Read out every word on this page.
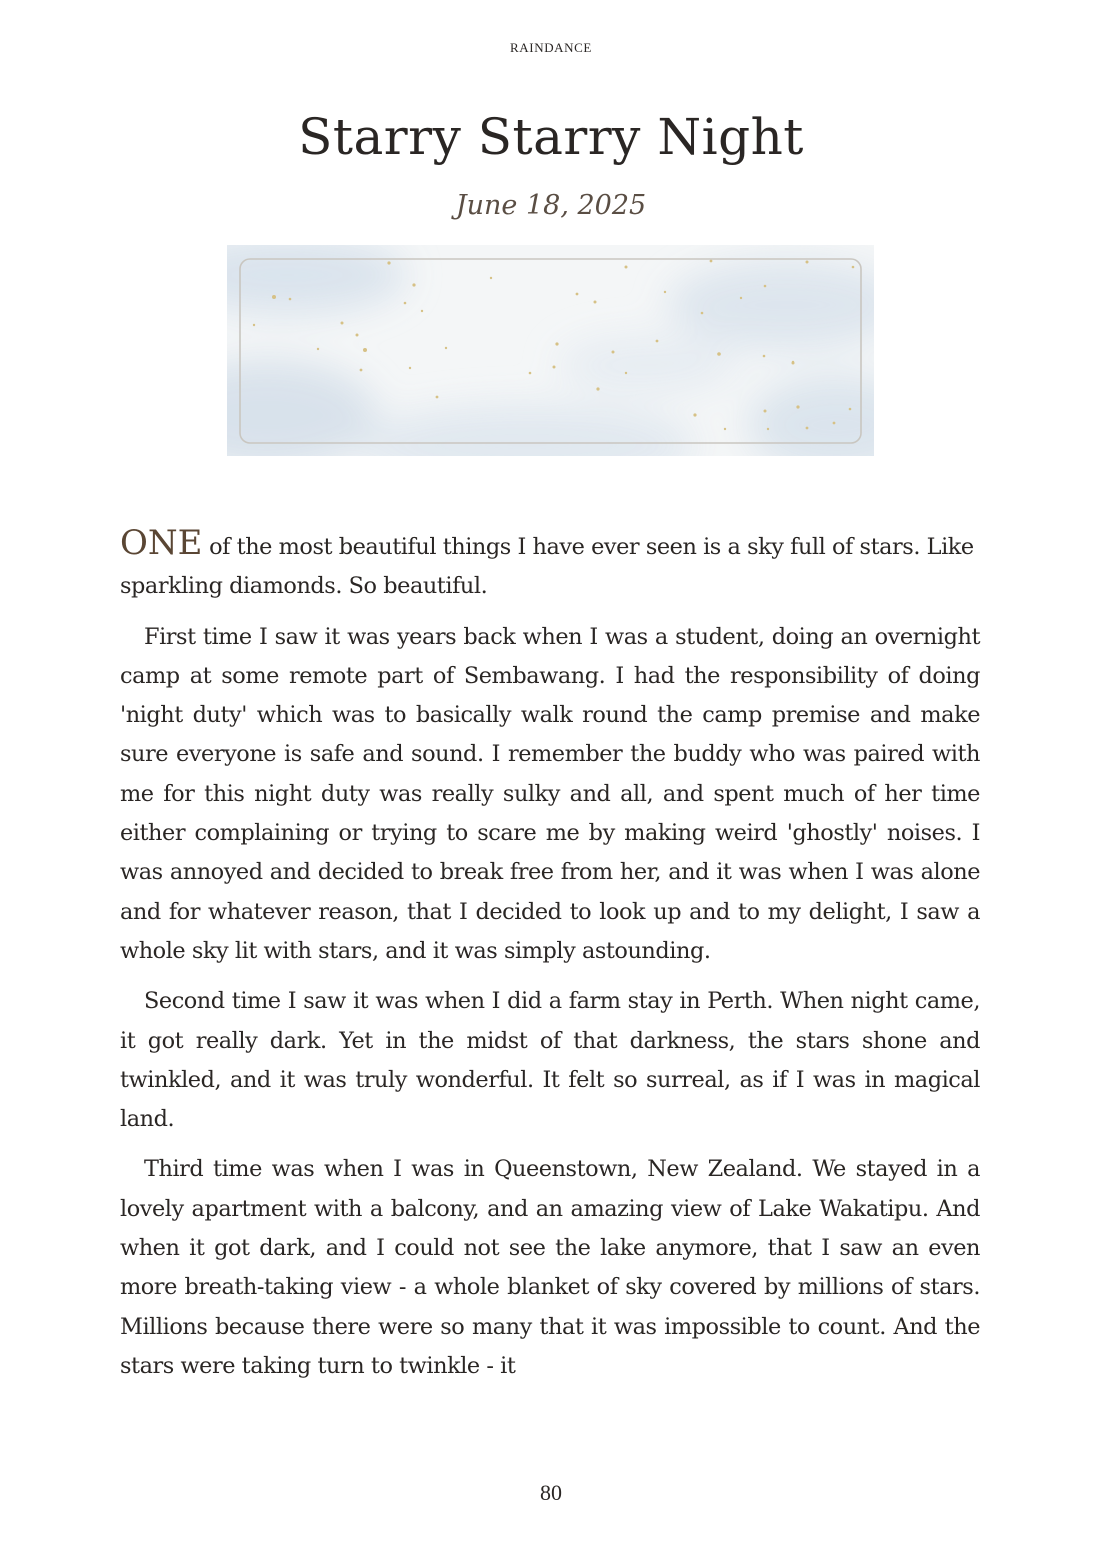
RAINDANCE
Starry Starry Night
June 18, 2025

ONE of the most beautiful things I have ever seen is a sky full of stars. Like sparkling diamonds. So beautiful.

First time I saw it was years back when I was a student, doing an overnight camp at some remote part of Sembawang. I had the responsibility of doing 'night duty' which was to basically walk round the camp premise and make sure everyone is safe and sound. I remember the buddy who was paired with me for this night duty was really sulky and all, and spent much of her time either complaining or trying to scare me by making weird 'ghostly' noises. I was annoyed and decided to break free from her, and it was when I was alone and for whatever reason, that I decided to look up and to my delight, I saw a whole sky lit with stars, and it was simply astounding.

Second time I saw it was when I did a farm stay in Perth. When night came, it got really dark. Yet in the midst of that darkness, the stars shone and twinkled, and it was truly wonderful. It felt so surreal, as if I was in magical land.

Third time was when I was in Queenstown, New Zealand. We stayed in a lovely apartment with a balcony, and an amazing view of Lake Wakatipu. And when it got dark, and I could not see the lake anymore, that I saw an even more breath-taking view - a whole blanket of sky covered by millions of stars. Millions because there were so many that it was impossible to count. And the stars were taking turn to twinkle - it

80
